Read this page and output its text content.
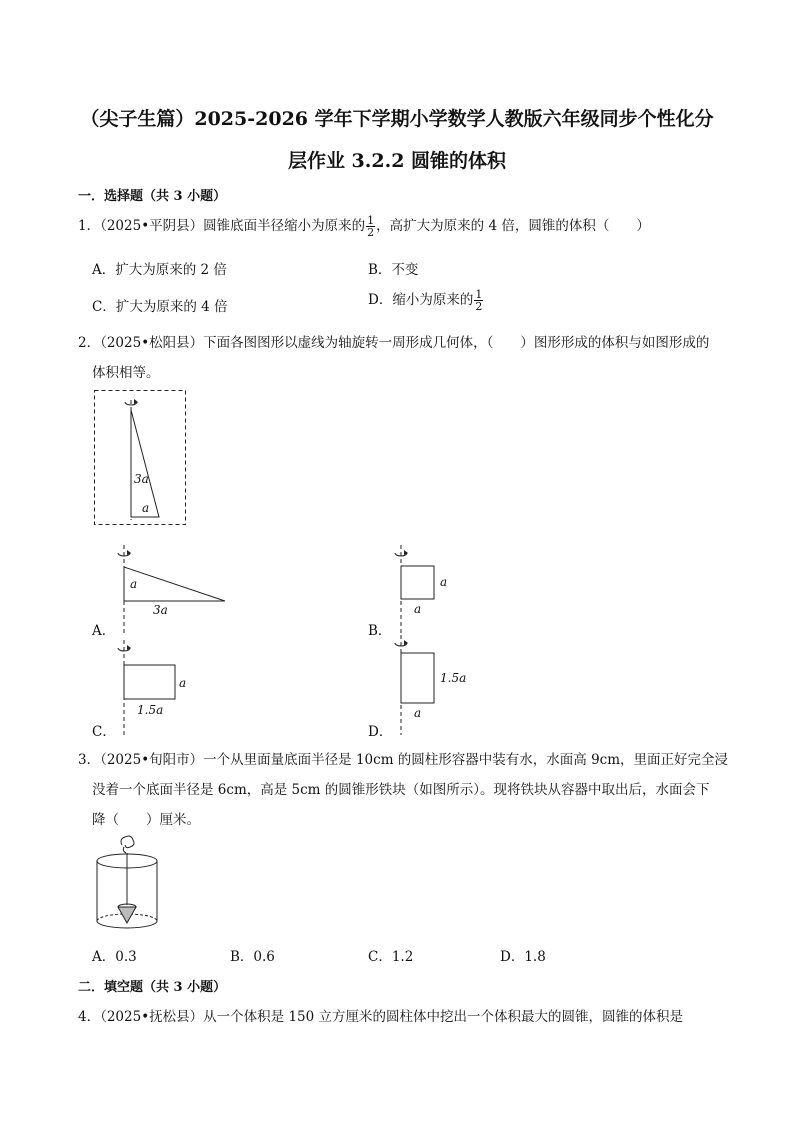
（尖子生篇）2025-2026 学年下学期小学数学人教版六年级同步个性化分
层作业 3.2.2 圆锥的体积
一．选择题（共 3 小题）
1．（2025•平阴县）圆锥底面半径缩小为原来的 $\frac{1}{2}$ ，高扩大为原来的 4 倍，圆锥的体积（　　）
A．扩大为原来的 2 倍	B．不变
C．扩大为原来的 4 倍	D．缩小为原来的 $\frac{1}{2}$
2．（2025•松阳县）下面各图图形以虚线为轴旋转一周形成几何体，（　　）图形形成的体积与如图形成的
体积相等。
3a
a
a
3a
A．
a
a
B．
a
1.5a
C．
1.5a
a
D．
3．（2025•旬阳市）一个从里面量底面半径是 10cm 的圆柱形容器中装有水，水面高 9cm，里面正好完全浸
没着一个底面半径是 6cm，高是 5cm 的圆锥形铁块（如图所示）。现将铁块从容器中取出后，水面会下
降（　　）厘米。
A．0.3	B．0.6	C．1.2	D．1.8
二．填空题（共 3 小题）
4．（2025•抚松县）从一个体积是 150 立方厘米的圆柱体中挖出一个体积最大的圆锥，圆锥的体积是
